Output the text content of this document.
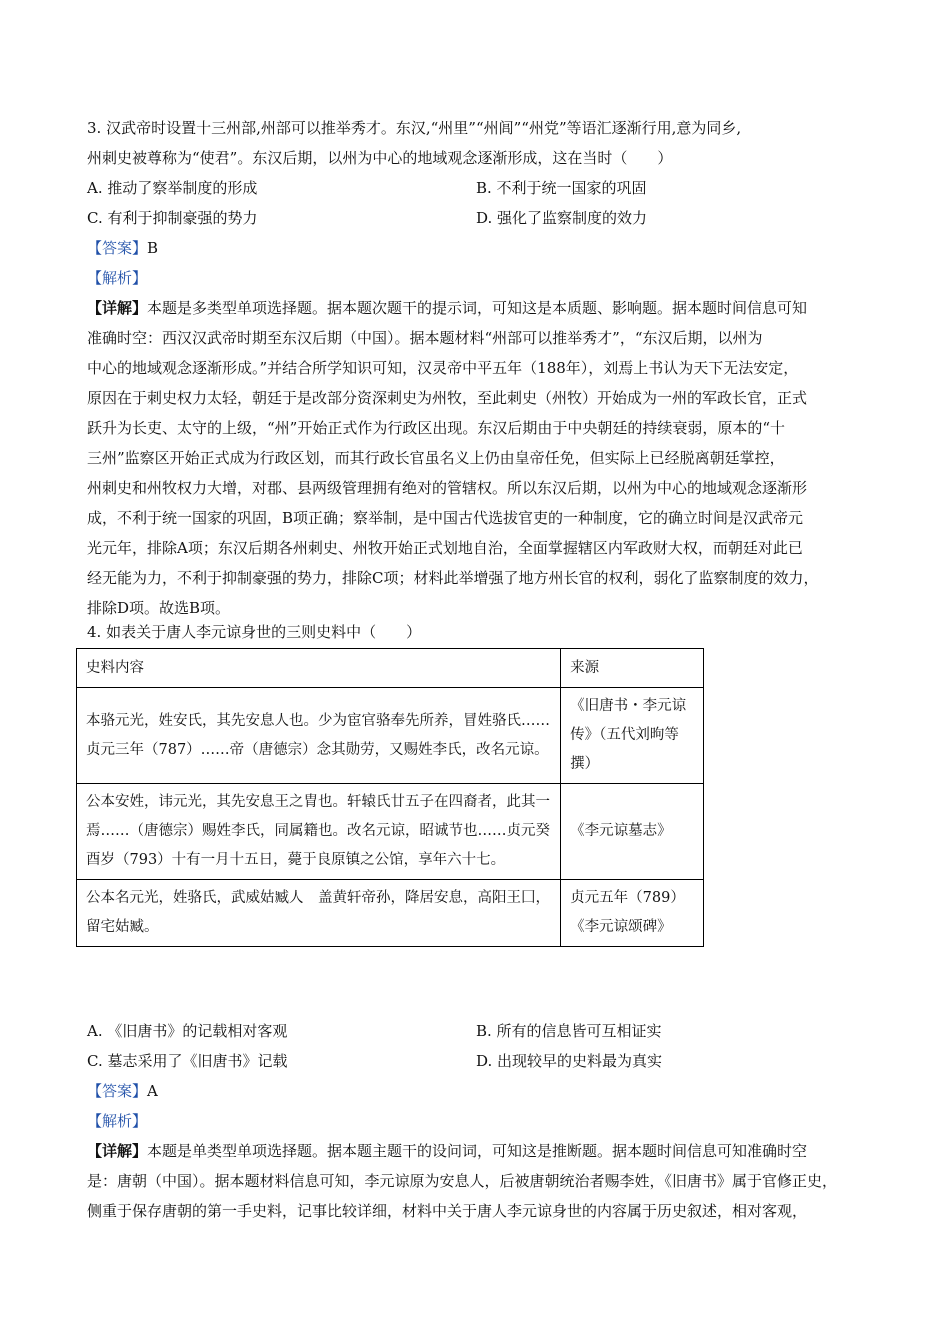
3. 汉武帝时设置十三州部,州部可以推举秀才。东汉,“州里”“州闾”“州党”等语汇逐渐行用,意为同乡,
州刺史被尊称为“使君”。东汉后期，以州为中心的地域观念逐渐形成，这在当时（　　）
A. 推动了察举制度的形成	B. 不利于统一国家的巩固
C. 有利于抑制豪强的势力	D. 强化了监察制度的效力
【答案】B
【解析】
【详解】本题是多类型单项选择题。据本题次题干的提示词，可知这是本质题、影响题。据本题时间信息可知
准确时空：西汉汉武帝时期至东汉后期（中国）。据本题材料“州部可以推举秀才”，“东汉后期，以州为
中心的地域观念逐渐形成。”并结合所学知识可知，汉灵帝中平五年（188年），刘焉上书认为天下无法安定，
原因在于刺史权力太轻，朝廷于是改部分资深刺史为州牧，至此刺史（州牧）开始成为一州的军政长官，正式
跃升为长吏、太守的上级，“州”开始正式作为行政区出现。东汉后期由于中央朝廷的持续衰弱，原本的“十
三州”监察区开始正式成为行政区划，而其行政长官虽名义上仍由皇帝任免，但实际上已经脱离朝廷掌控，
州刺史和州牧权力大增，对郡、县两级管理拥有绝对的管辖权。所以东汉后期，以州为中心的地域观念逐渐形
成，不利于统一国家的巩固，B项正确；察举制，是中国古代选拔官吏的一种制度，它的确立时间是汉武帝元
光元年，排除A项；东汉后期各州刺史、州牧开始正式划地自治，全面掌握辖区内军政财大权，而朝廷对此已
经无能为力，不利于抑制豪强的势力，排除C项；材料此举增强了地方州长官的权利，弱化了监察制度的效力，
排除D项。故选B项。
4. 如表关于唐人李元谅身世的三则史料中（　　）
史料内容	来源
本骆元光，姓安氏，其先安息人也。少为宦官骆奉先所养，冒姓骆氏……贞元三年（787）……帝（唐德宗）念其勋劳，又赐姓李氏，改名元谅。	《旧唐书・李元谅传》（五代刘昫等撰）
公本安姓，讳元光，其先安息王之胄也。轩辕氏廿五子在四裔者，此其一焉……（唐德宗）赐姓李氏，同属籍也。改名元谅，昭诚节也……贞元癸酉岁（793）十有一月十五日，薨于良原镇之公馆，享年六十七。	《李元谅墓志》
公本名元光，姓骆氏，武威姑臧人　盖黄轩帝孙，降居安息，高阳王囗，留宅姑臧。	贞元五年（789）《李元谅颂碑》
A. 《旧唐书》的记载相对客观	B. 所有的信息皆可互相证实
C. 墓志采用了《旧唐书》记载	D. 出现较早的史料最为真实
【答案】A
【解析】
【详解】本题是单类型单项选择题。据本题主题干的设问词，可知这是推断题。据本题时间信息可知准确时空
是：唐朝（中国）。据本题材料信息可知，李元谅原为安息人，后被唐朝统治者赐李姓，《旧唐书》属于官修正史，
侧重于保存唐朝的第一手史料，记事比较详细，材料中关于唐人李元谅身世的内容属于历史叙述，相对客观，
